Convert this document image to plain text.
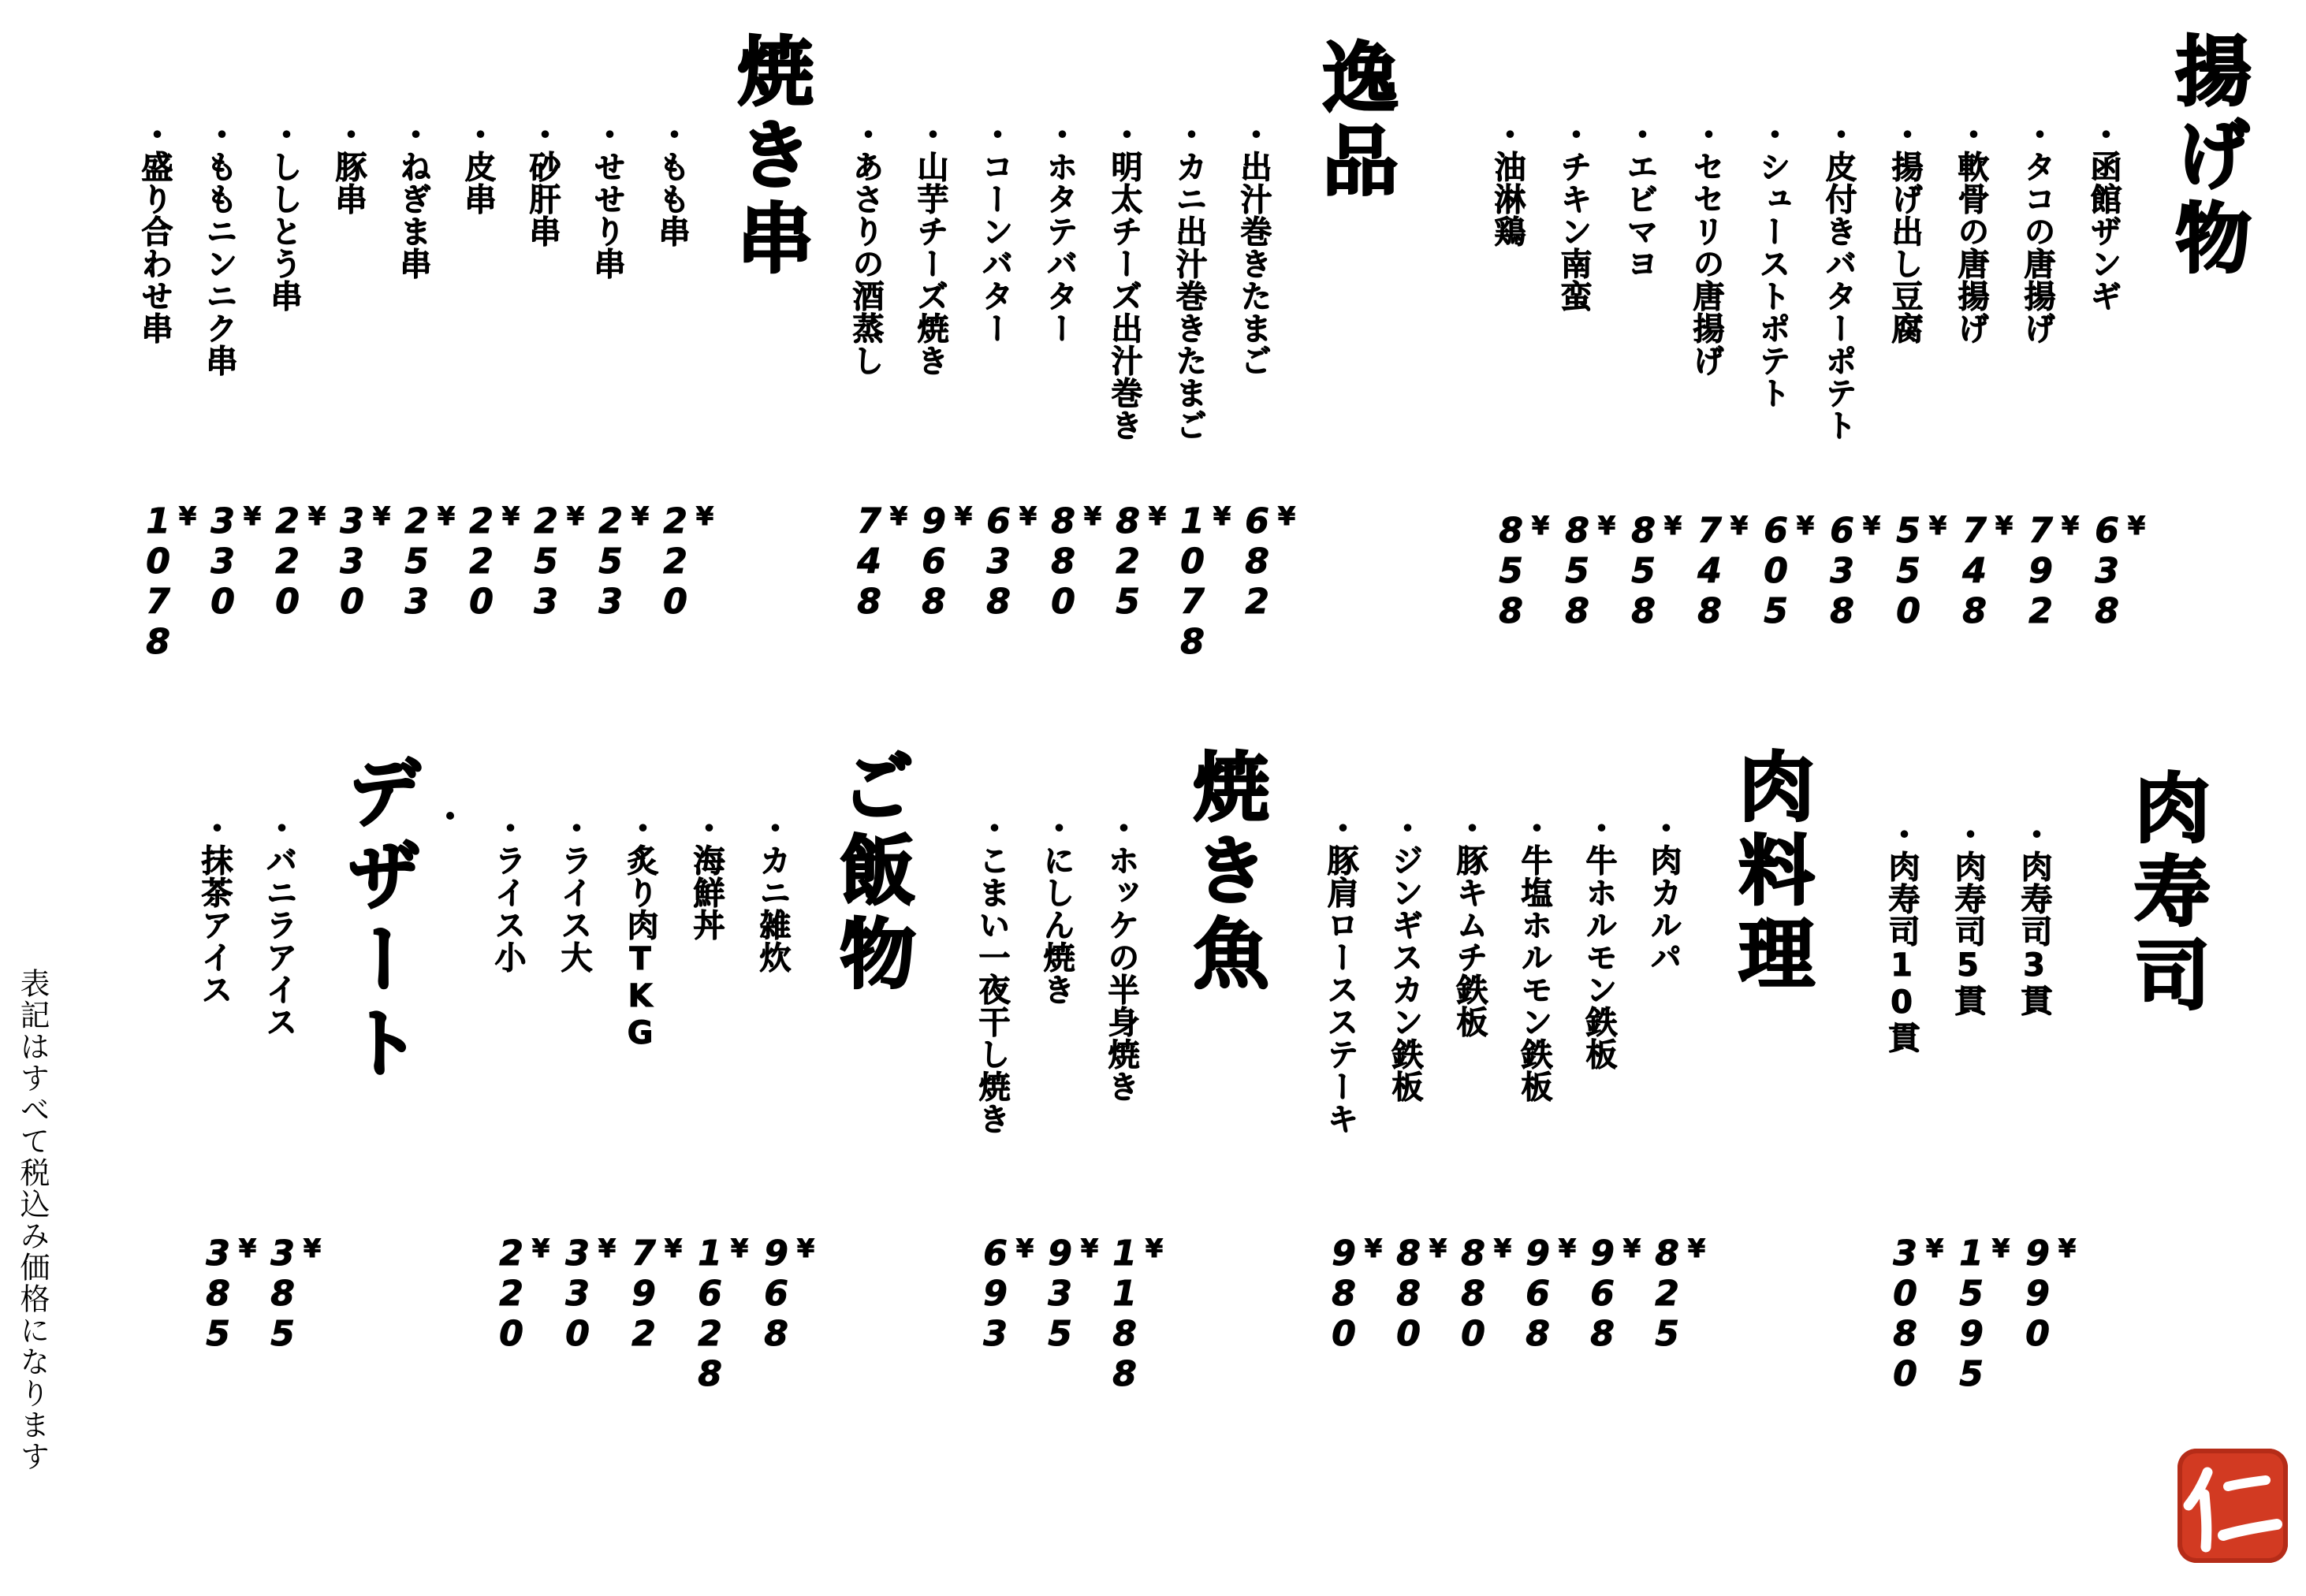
揚げ物
・函館ザンギ
¥
638
・タコの唐揚げ
¥
792
・軟骨の唐揚げ
¥
748
・揚げ出し豆腐
¥
550
・皮付きバターポテト
¥
638
・シューストポテト
¥
605
・セセリの唐揚げ
¥
748
・エビマヨ
¥
858
・チキン南蛮
¥
858
・油淋鶏
¥
858
逸品
・出汁巻きたまご
¥
682
・カニ出汁巻きたまご
¥
1078
・明太チーズ出汁巻き
¥
825
・ホタテバター
¥
880
・コーンバター
¥
638
・山芋チーズ焼き
¥
968
・あさりの酒蒸し
¥
748
焼き串
・もも串
¥
220
・せせり串
¥
253
・砂肝串
¥
253
・皮串
¥
220
・ねぎま串
¥
253
・豚串
¥
330
・ししとう串
¥
220
・ももニンニク串
¥
330
・盛り合わせ串
¥
1078
肉寿司
・肉寿司3貫
¥
990
・肉寿司5貫
¥
1595
・肉寿司10貫
¥
3080
肉料理
・肉カルパ
¥
825
・牛ホルモン鉄板
¥
968
・牛塩ホルモン鉄板
¥
968
・豚キムチ鉄板
¥
880
・ジンギスカン鉄板
¥
880
・豚肩ロースステーキ
¥
980
焼き魚
・ホッケの半身焼き
¥
1188
・にしん焼き
¥
935
・こまい一夜干し焼き
¥
693
ご飯物
・カニ雑炊
¥
968
・海鮮丼
¥
1628
・炙り肉TKG
¥
792
・ライス大
¥
330
・ライス小
¥
220
デザート
・バニラアイス
¥
385
・抹茶アイス
¥
385
表記はすべて税込み価格になります
